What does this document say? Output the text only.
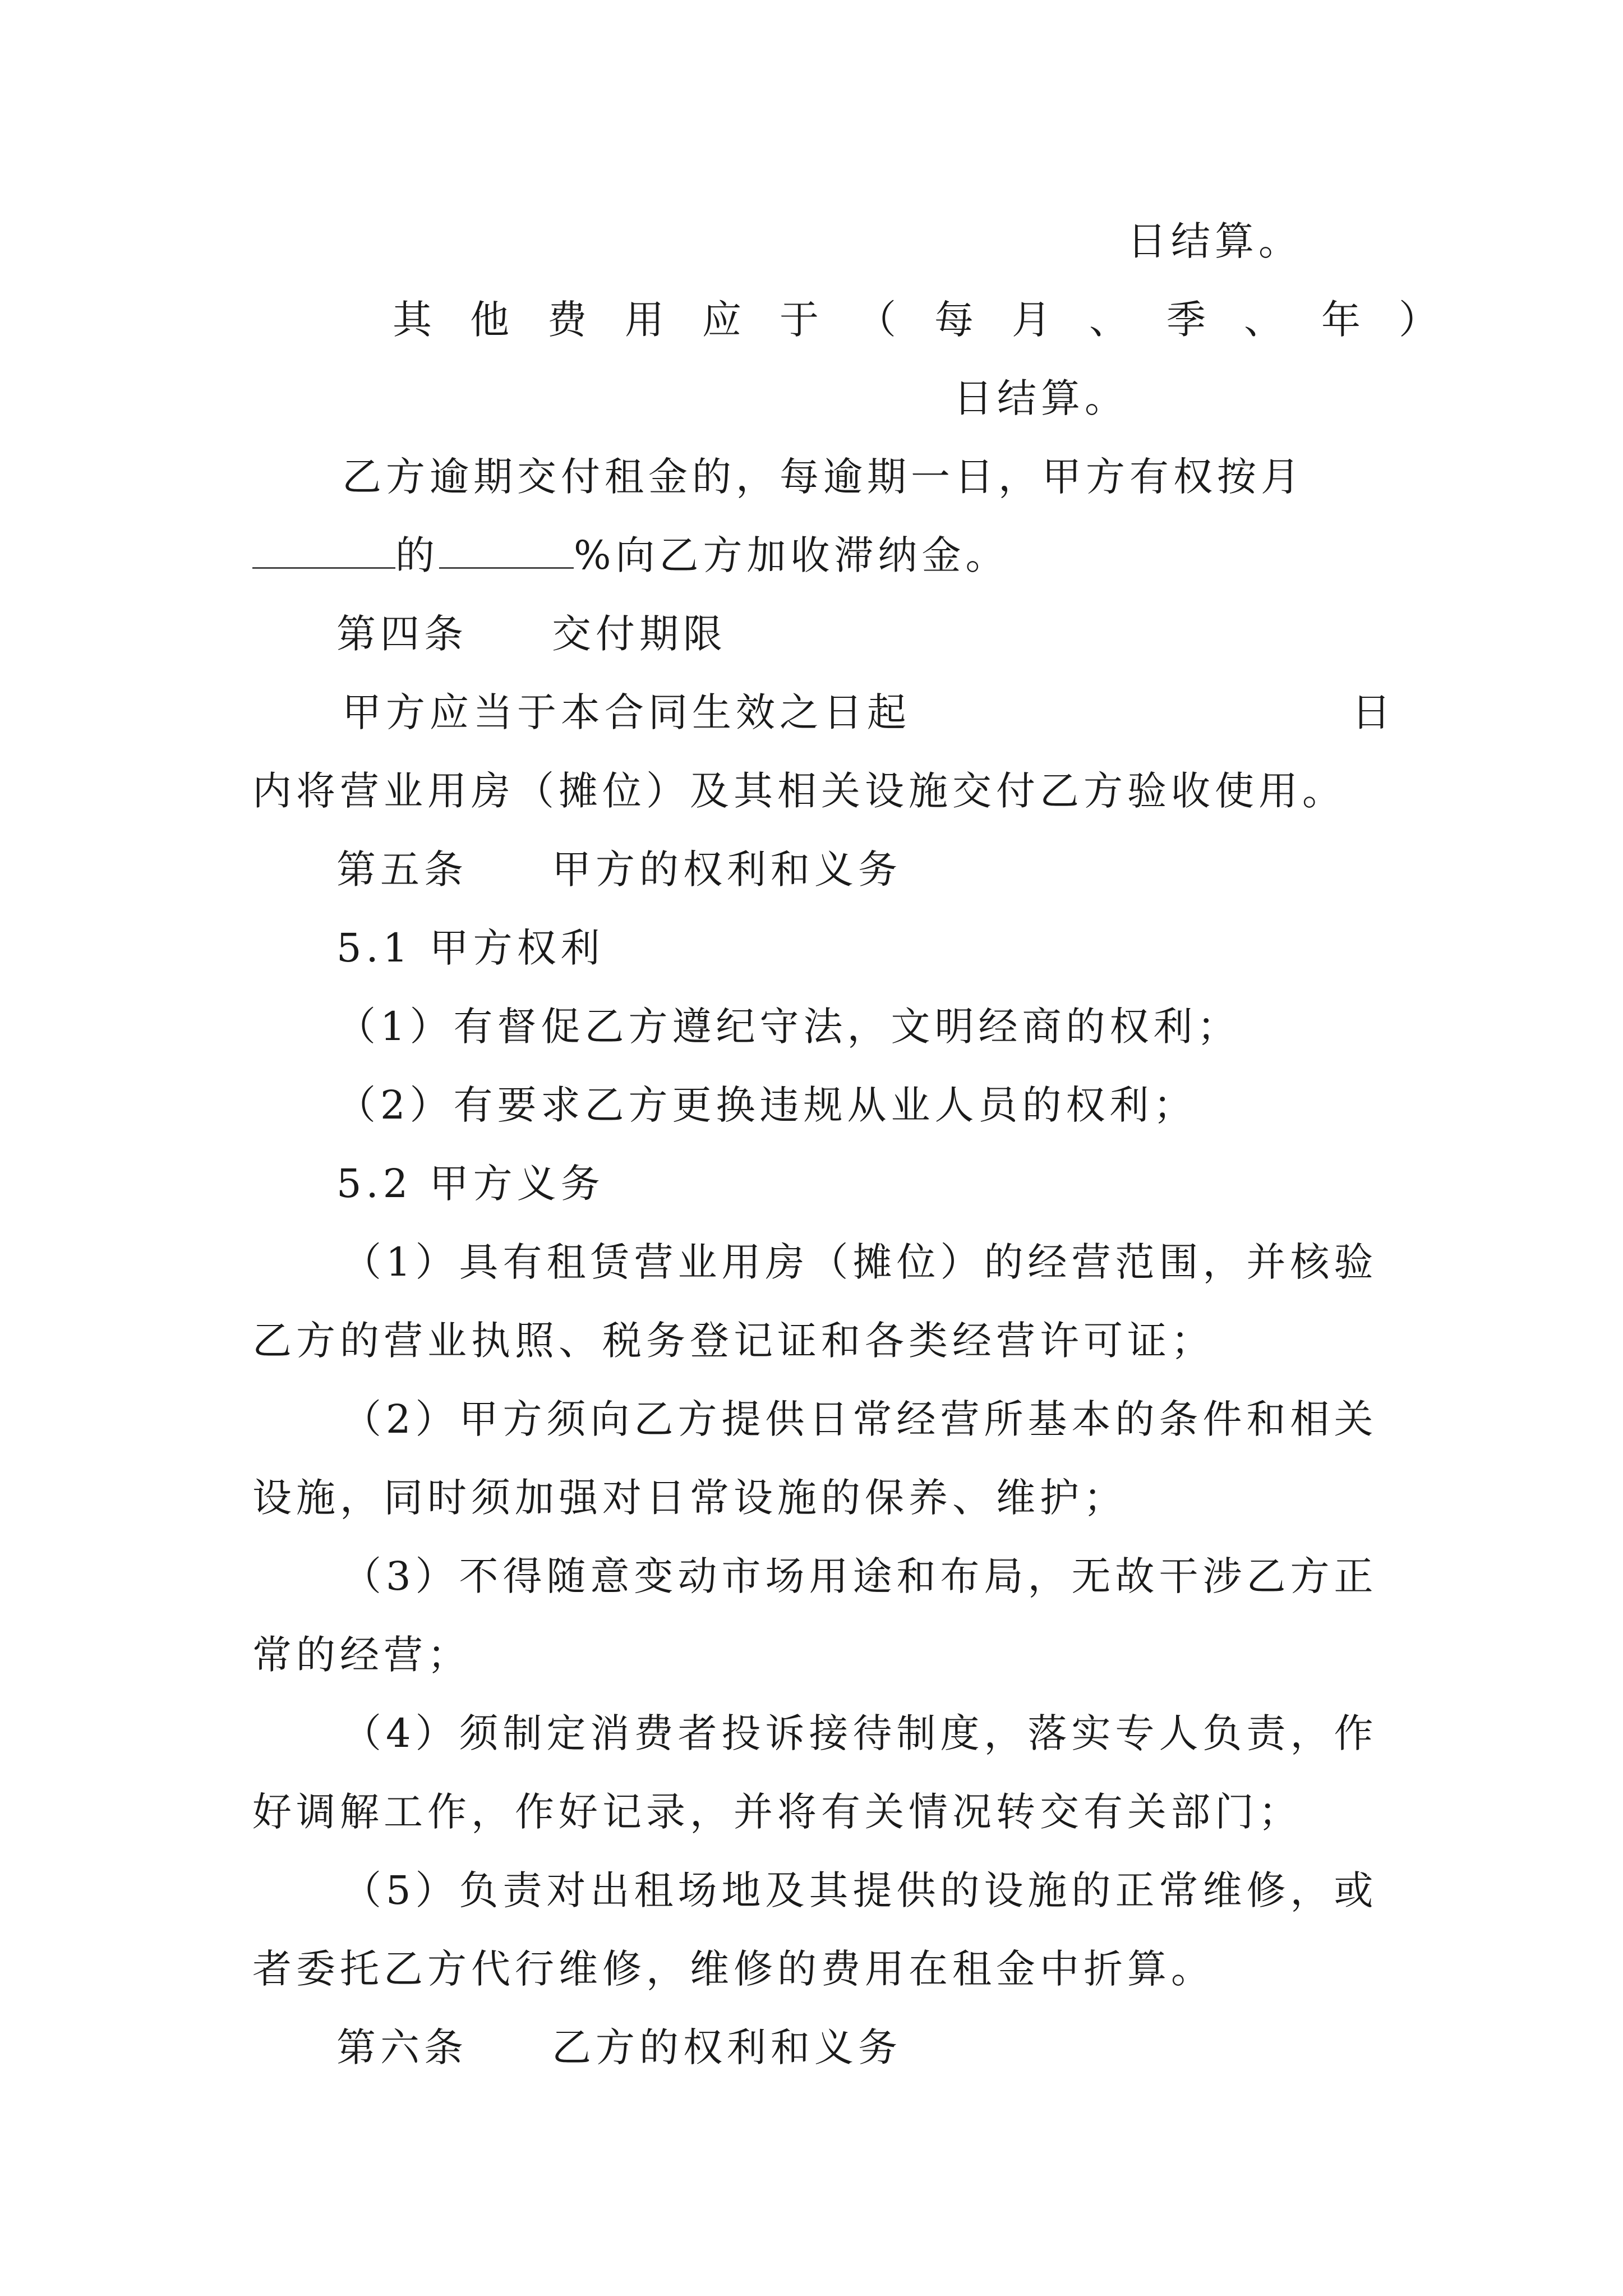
日结算。
其他费用应于（每月、季、年）
日结算。
乙方逾期交付租金的，每逾期一日，甲方有权按月
的	%向乙方加收滞纳金。
第四条 交付期限
甲方应当于本合同生效之日起	日
内将营业用房（摊位）及其相关设施交付乙方验收使用。
第五条 甲方的权利和义务
5.1 甲方权利
（1）有督促乙方遵纪守法，文明经商的权利；
（2）有要求乙方更换违规从业人员的权利；
5.2 甲方义务
（1）具有租赁营业用房（摊位）的经营范围，并核验
乙方的营业执照、税务登记证和各类经营许可证；
（2）甲方须向乙方提供日常经营所基本的条件和相关
设施，同时须加强对日常设施的保养、维护；
（3）不得随意变动市场用途和布局，无故干涉乙方正
常的经营；
（4）须制定消费者投诉接待制度，落实专人负责，作
好调解工作，作好记录，并将有关情况转交有关部门；
（5）负责对出租场地及其提供的设施的正常维修，或
者委托乙方代行维修，维修的费用在租金中折算。
第六条 乙方的权利和义务
